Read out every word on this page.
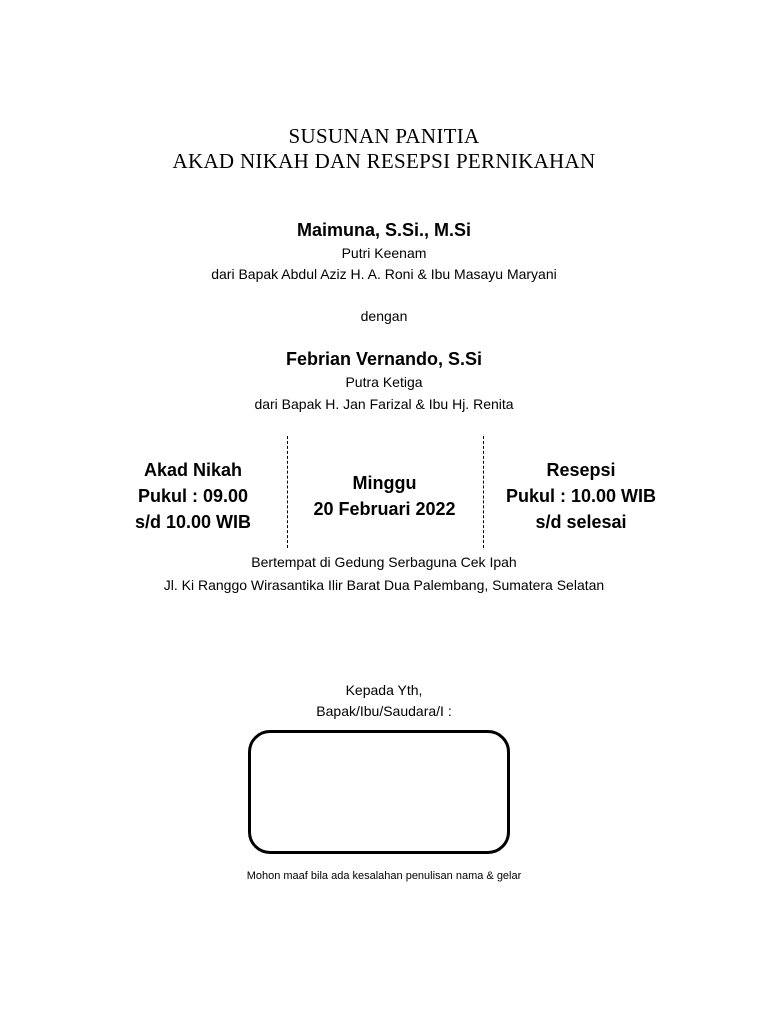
SUSUNAN PANITIA
AKAD NIKAH DAN RESEPSI PERNIKAHAN
Maimuna, S.Si., M.Si
Putri Keenam
dari Bapak Abdul Aziz H. A. Roni & Ibu Masayu Maryani
dengan
Febrian Vernando, S.Si
Putra Ketiga
dari Bapak H. Jan Farizal & Ibu Hj. Renita
Akad Nikah
Pukul : 09.00
s/d 10.00 WIB
Minggu
20 Februari 2022
Resepsi
Pukul : 10.00 WIB
s/d selesai
Bertempat di Gedung Serbaguna Cek Ipah
Jl. Ki Ranggo Wirasantika Ilir Barat Dua Palembang, Sumatera Selatan
Kepada Yth,
Bapak/Ibu/Saudara/I :
Mohon maaf bila ada kesalahan penulisan nama & gelar
